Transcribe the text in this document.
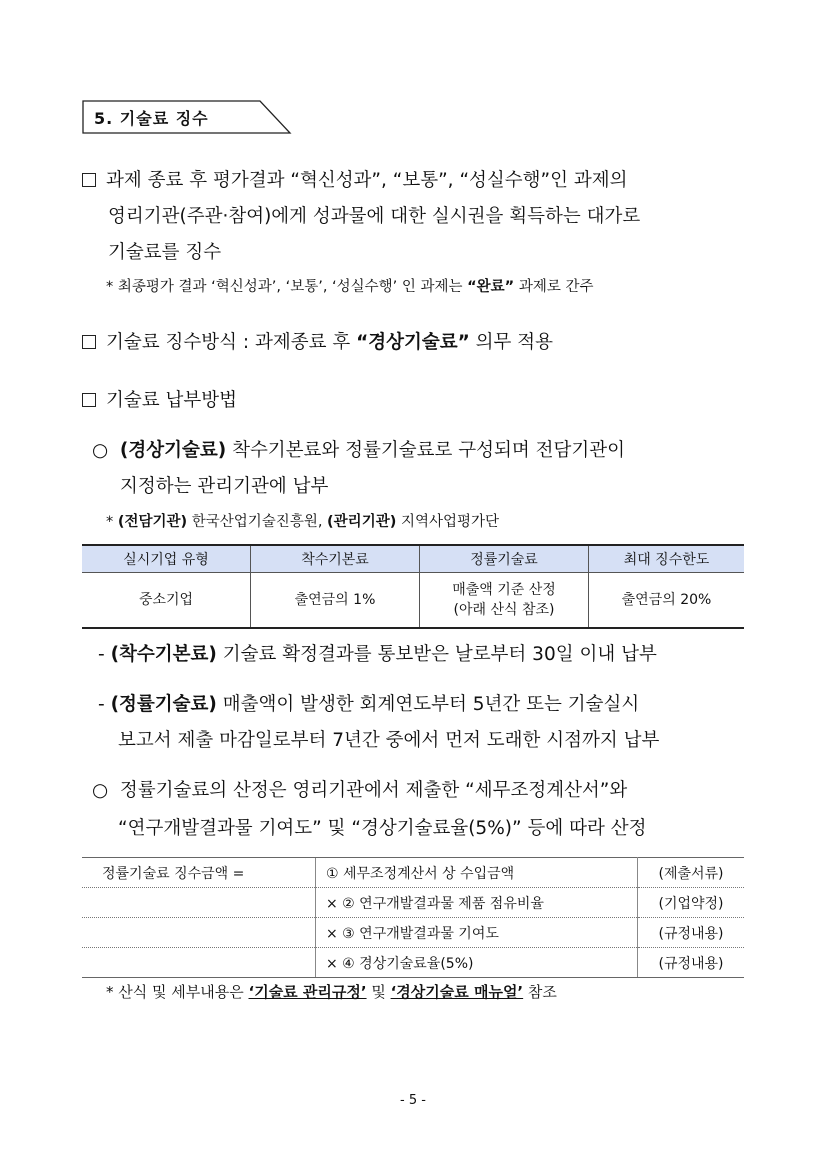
5. 기술료 징수
과제 종료 후 평가결과 “혁신성과”, “보통”, “성실수행”인 과제의
영리기관(주관·참여)에게 성과물에 대한 실시권을 획득하는 대가로
기술료를 징수
* 최종평가 결과 ‘혁신성과’, ‘보통’, ‘성실수행’ 인 과제는 “완료” 과제로 간주
기술료 징수방식 : 과제종료 후 “경상기술료” 의무 적용
기술료 납부방법
○ (경상기술료) 착수기본료와 정률기술료로 구성되며 전담기관이
지정하는 관리기관에 납부
* (전담기관) 한국산업기술진흥원, (관리기관) 지역사업평가단
실시기업 유형	착수기본료	정률기술료	최대 징수한도
중소기업	출연금의 1%	매출액 기준 산정
(아래 산식 참조)	출연금의 20%
- (착수기본료) 기술료 확정결과를 통보받은 날로부터 30일 이내 납부
- (정률기술료) 매출액이 발생한 회계연도부터 5년간 또는 기술실시
보고서 제출 마감일로부터 7년간 중에서 먼저 도래한 시점까지 납부
○ 정률기술료의 산정은 영리기관에서 제출한 “세무조정계산서”와
“연구개발결과물 기여도” 및 “경상기술료율(5%)” 등에 따라 산정
정률기술료 징수금액 =	① 세무조정계산서 상 수입금액	(제출서류)
	× ② 연구개발결과물 제품 점유비율	(기업약정)
	× ③ 연구개발결과물 기여도	(규정내용)
	× ④ 경상기술료율(5%)	(규정내용)
* 산식 및 세부내용은 ‘기술료 관리규정’ 및 ‘경상기술료 매뉴얼’ 참조
- 5 -
